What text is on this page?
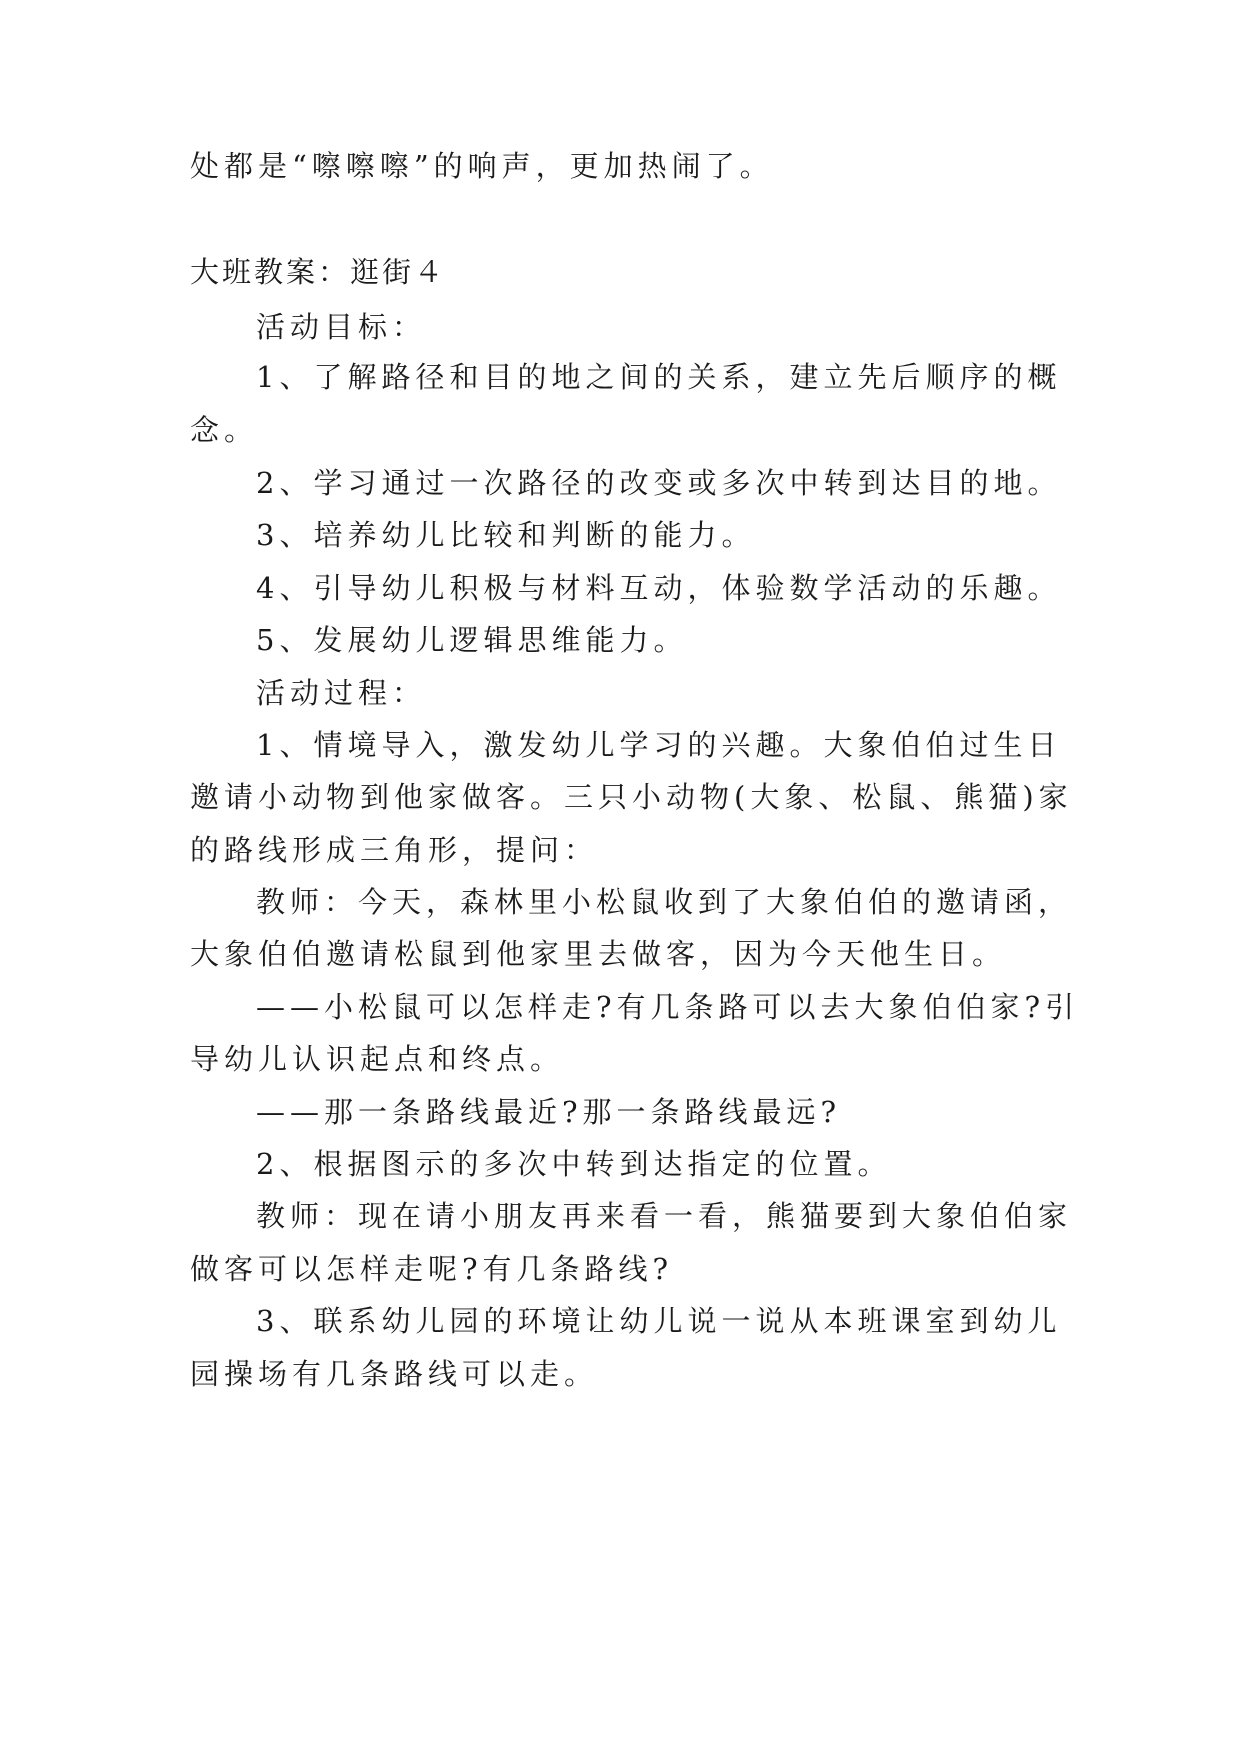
处都是“嚓嚓嚓”的响声，更加热闹了。
大班教案：逛街４
活动目标：
1、了解路径和目的地之间的关系，建立先后顺序的概
念。
2、学习通过一次路径的改变或多次中转到达目的地。
3、培养幼儿比较和判断的能力。
4、引导幼儿积极与材料互动，体验数学活动的乐趣。
5、发展幼儿逻辑思维能力。
活动过程：
1、情境导入，激发幼儿学习的兴趣。大象伯伯过生日
邀请小动物到他家做客。三只小动物(大象、松鼠、熊猫)家
的路线形成三角形，提问：
教师：今天，森林里小松鼠收到了大象伯伯的邀请函，
大象伯伯邀请松鼠到他家里去做客，因为今天他生日。
——小松鼠可以怎样走?有几条路可以去大象伯伯家?引
导幼儿认识起点和终点。
——那一条路线最近?那一条路线最远?
2、根据图示的多次中转到达指定的位置。
教师：现在请小朋友再来看一看，熊猫要到大象伯伯家
做客可以怎样走呢?有几条路线?
3、联系幼儿园的环境让幼儿说一说从本班课室到幼儿
园操场有几条路线可以走。
